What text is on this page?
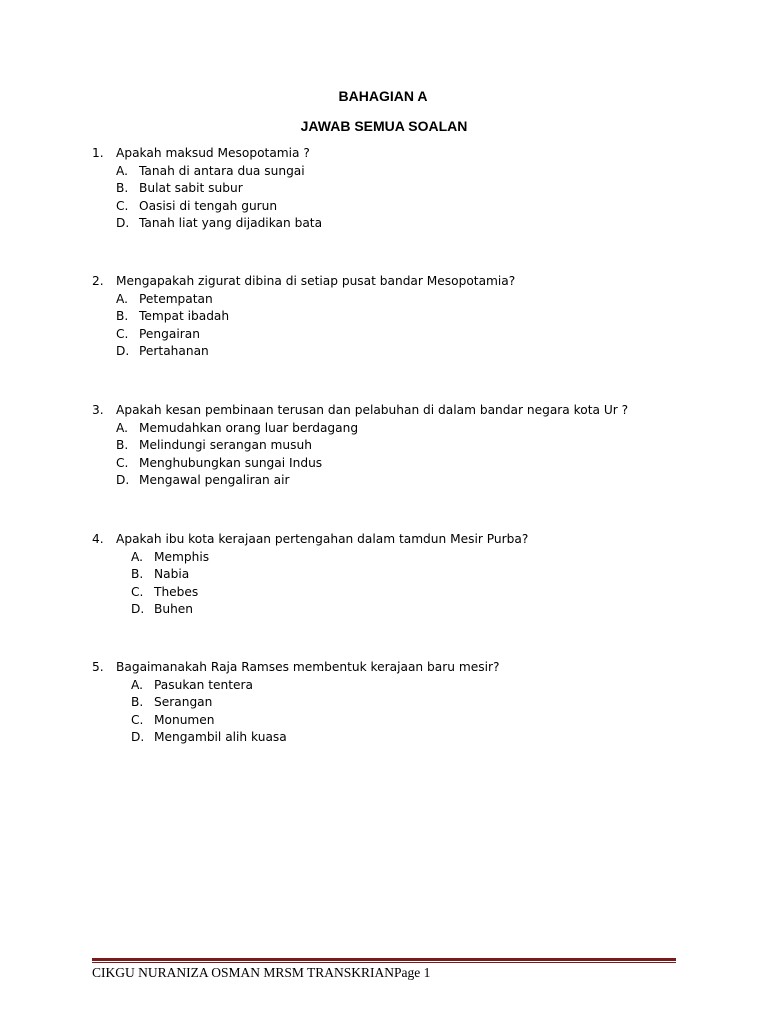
BAHAGIAN A
JAWAB SEMUA SOALAN
1. Apakah maksud Mesopotamia ?
A. Tanah di antara dua sungai
B. Bulat sabit subur
C. Oasisi di tengah gurun
D. Tanah liat yang dijadikan bata
2. Mengapakah zigurat dibina di setiap pusat bandar Mesopotamia?
A. Petempatan
B. Tempat ibadah
C. Pengairan
D. Pertahanan
3. Apakah kesan pembinaan terusan dan pelabuhan di dalam bandar negara kota Ur ?
A. Memudahkan orang luar berdagang
B. Melindungi serangan musuh
C. Menghubungkan sungai Indus
D. Mengawal pengaliran air
4. Apakah ibu kota kerajaan pertengahan dalam tamdun Mesir Purba?
A. Memphis
B. Nabia
C. Thebes
D. Buhen
5. Bagaimanakah Raja Ramses membentuk kerajaan baru mesir?
A. Pasukan tentera
B. Serangan
C. Monumen
D. Mengambil alih kuasa
CIKGU NURANIZA OSMAN MRSM TRANSKRIANPage 1
